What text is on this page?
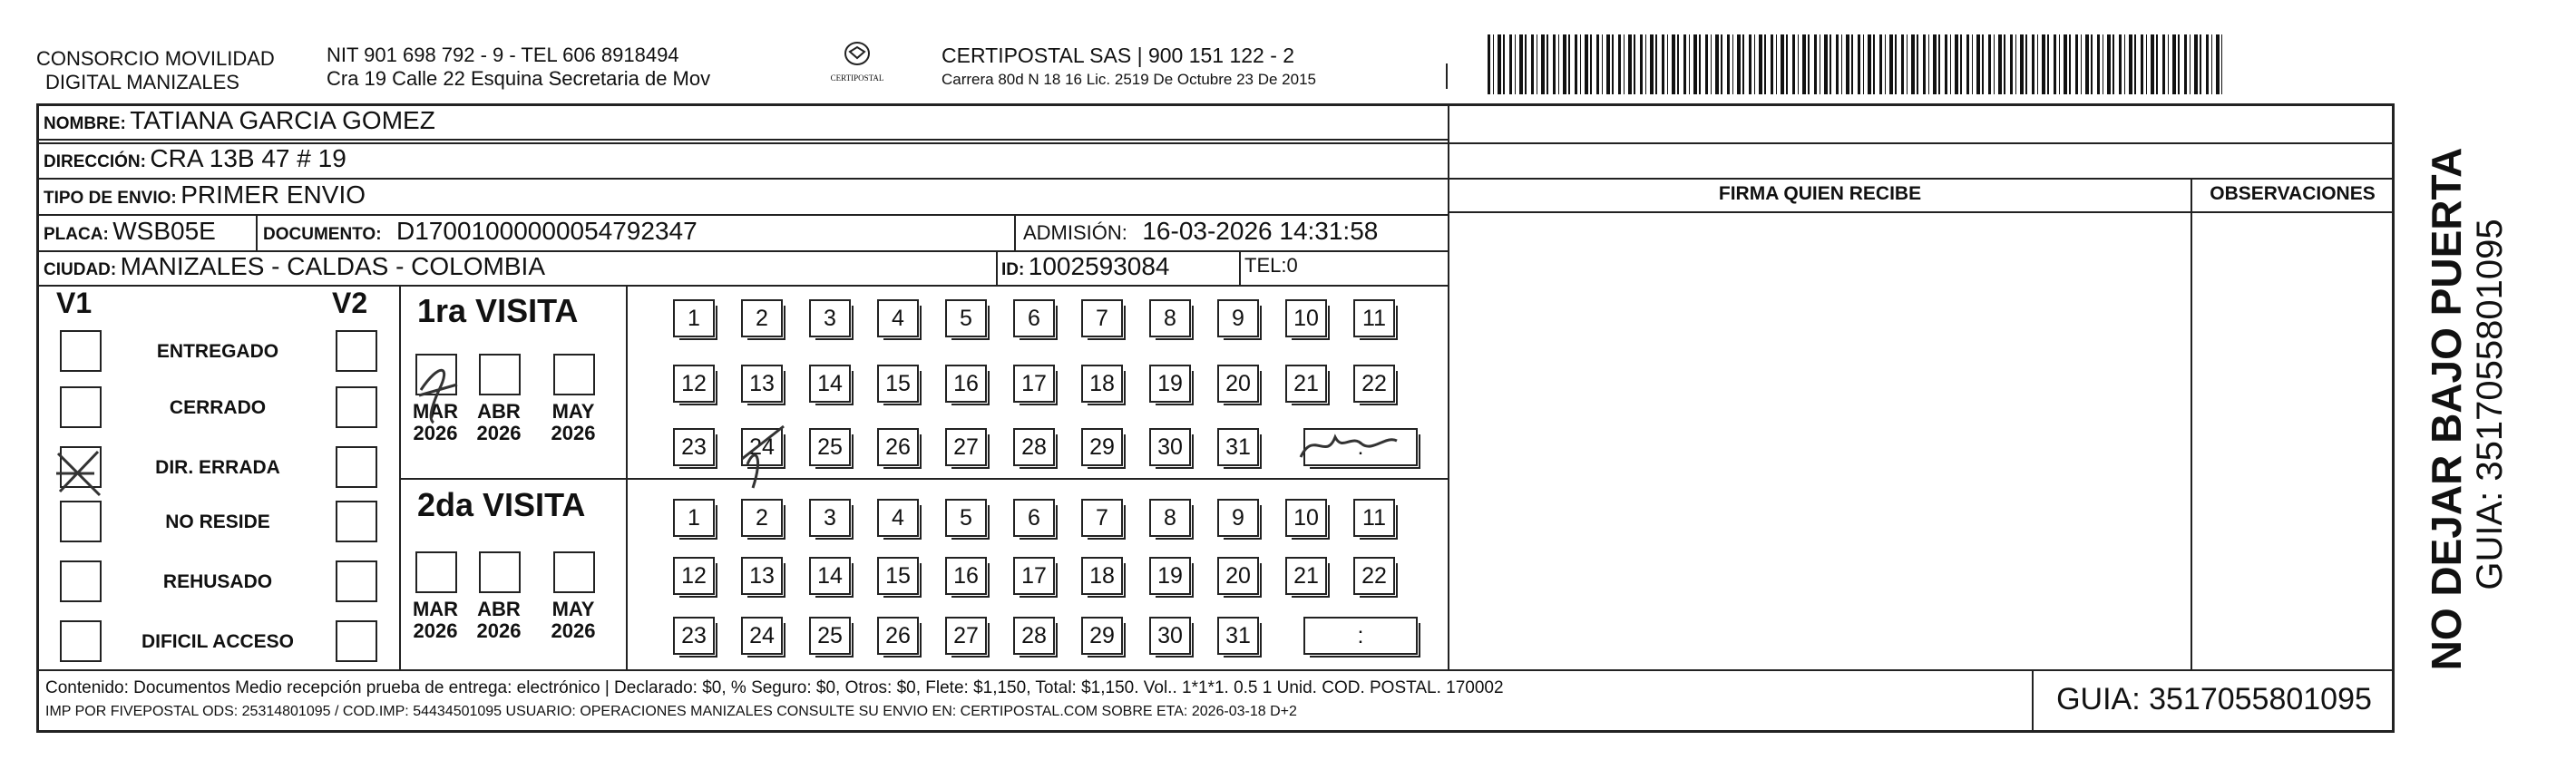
CONSORCIO MOVILIDAD
DIGITAL MANIZALES
NIT 901 698 792 - 9 - TEL 606 8918494
Cra 19 Calle 22 Esquina Secretaria de Mov	CERTIPOSTAL
CERTIPOSTAL SAS | 900 151 122 - 2
Carrera 80d N 18 16 Lic. 2519 De Octubre 23 De 2015
NOMBRE: TATIANA GARCIA GOMEZ
DIRECCIÓN: CRA 13B 47 # 19
TIPO DE ENVIO: PRIMER ENVIO
PLACA: WSB05E	DOCUMENTO: D17001000000054792347	ADMISIÓN: 16-03-2026 14:31:58
CIUDAD: MANIZALES - CALDAS - COLOMBIA	ID: 1002593084	TEL:0
FIRMA QUIEN RECIBE	OBSERVACIONES
V1	V2
ENTREGADO
CERRADO
DIR. ERRADA
NO RESIDE
REHUSADO
DIFICIL ACCESO
1ra VISITA
2da VISITA
MAR
2026
ABR
2026
MAY
2026
MAR
2026
ABR
2026
MAY
2026
1	2	3	4	5	6	7	8	9	10	11
12	13	14	15	16	17	18	19	20	21	22
23	24	25	26	27	28	29	30	31	:
1	2	3	4	5	6	7	8	9	10	11
12	13	14	15	16	17	18	19	20	21	22
23	24	25	26	27	28	29	30	31	:	NO DEJAR BAJO PUERTA GUIA: 3517055801095
Contenido: Documentos Medio recepción prueba de entrega: electrónico | Declarado: $0, % Seguro: $0, Otros: $0, Flete: $1,150, Total: $1,150. Vol.. 1*1*1. 0.5 1 Unid. COD. POSTAL. 170002
IMP POR FIVEPOSTAL ODS: 25314801095 / COD.IMP: 54434501095 USUARIO: OPERACIONES MANIZALES CONSULTE SU ENVIO EN: CERTIPOSTAL.COM SOBRE ETA: 2026-03-18 D+2	GUIA: 3517055801095
